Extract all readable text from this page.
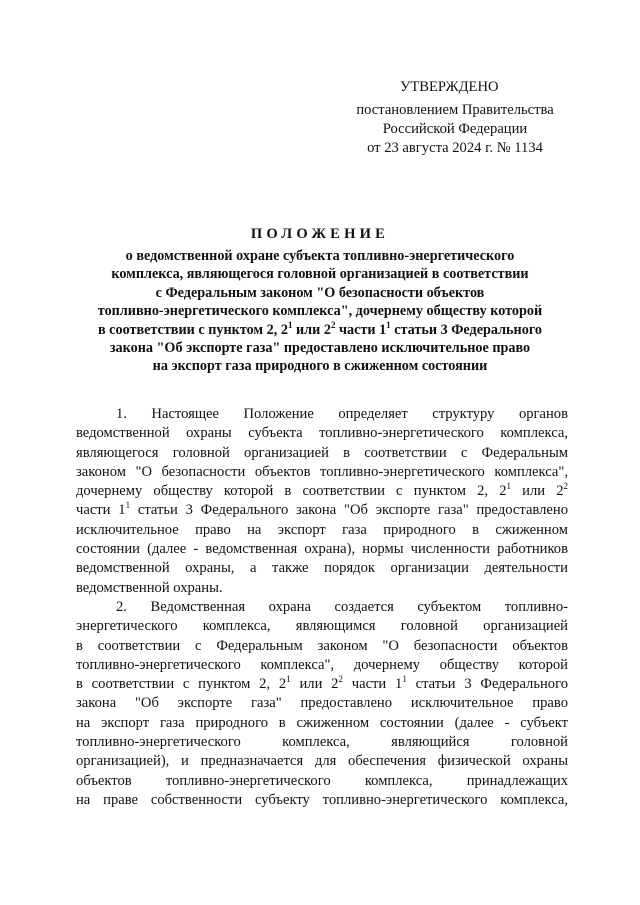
УТВЕРЖДЕНО
постановлением Правительства
Российской Федерации
от 23 августа 2024 г. № 1134
ПОЛОЖЕНИЕ
о ведомственной охране субъекта топливно-энергетического
комплекса, являющегося головной организацией в соответствии
с Федеральным законом "О безопасности объектов
топливно-энергетического комплекса", дочернему обществу которой
в соответствии с пунктом 2, $2^1$ или $2^2$ части $1^1$ статьи 3 Федерального
закона "Об экспорте газа" предоставлено исключительное право
на экспорт газа природного в сжиженном состоянии
1. Настоящее Положение определяет структуру органов
ведомственной охраны субъекта топливно-энергетического комплекса,
являющегося головной организацией в соответствии с Федеральным
законом "О безопасности объектов топливно-энергетического комплекса",
дочернему обществу которой в соответствии с пунктом 2, $2^1$ или $2^2$
части $1^1$ статьи 3 Федерального закона "Об экспорте газа" предоставлено
исключительное право на экспорт газа природного в сжиженном
состоянии (далее - ведомственная охрана), нормы численности работников
ведомственной охраны, а также порядок организации деятельности
ведомственной охраны.
2. Ведомственная охрана создается субъектом топливно-
энергетического комплекса, являющимся головной организацией
в соответствии с Федеральным законом "О безопасности объектов
топливно-энергетического комплекса", дочернему обществу которой
в соответствии с пунктом 2, $2^1$ или $2^2$ части $1^1$ статьи 3 Федерального
закона "Об экспорте газа" предоставлено исключительное право
на экспорт газа природного в сжиженном состоянии (далее - субъект
топливно-энергетического комплекса, являющийся головной
организацией), и предназначается для обеспечения физической охраны
объектов топливно-энергетического комплекса, принадлежащих
на праве собственности субъекту топливно-энергетического комплекса,
